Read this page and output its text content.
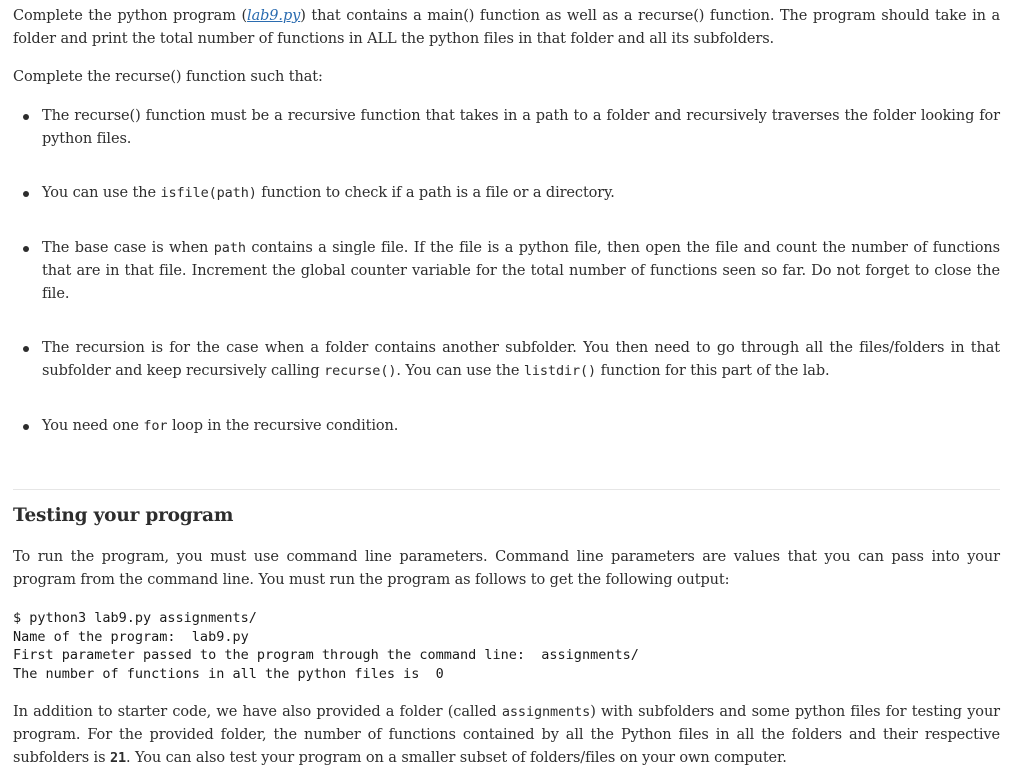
Complete the python program (lab9.py) that contains a main() function as well as a recurse() function. The program should take in a folder and print the total number of functions in ALL the python files in that folder and all its subfolders.

Complete the recurse() function such that:

The recurse() function must be a recursive function that takes in a path to a folder and recursively traverses the folder looking for python files.
You can use the isfile(path) function to check if a path is a file or a directory.
The base case is when path contains a single file. If the file is a python file, then open the file and count the number of functions that are in that file. Increment the global counter variable for the total number of functions seen so far. Do not forget to close the file.
The recursion is for the case when a folder contains another subfolder. You then need to go through all the files/folders in that subfolder and keep recursively calling recurse(). You can use the listdir() function for this part of the lab.
You need one for loop in the recursive condition.
Testing your program

To run the program, you must use command line parameters. Command line parameters are values that you can pass into your program from the command line. You must run the program as follows to get the following output:

$ python3 lab9.py assignments/
Name of the program:  lab9.py
First parameter passed to the program through the command line:  assignments/
The number of functions in all the python files is  0

In addition to starter code, we have also provided a folder (called assignments) with subfolders and some python files for testing your program. For the provided folder, the number of functions contained by all the Python files in all the folders and their respective subfolders is 21. You can also test your program on a smaller subset of folders/files on your own computer.
